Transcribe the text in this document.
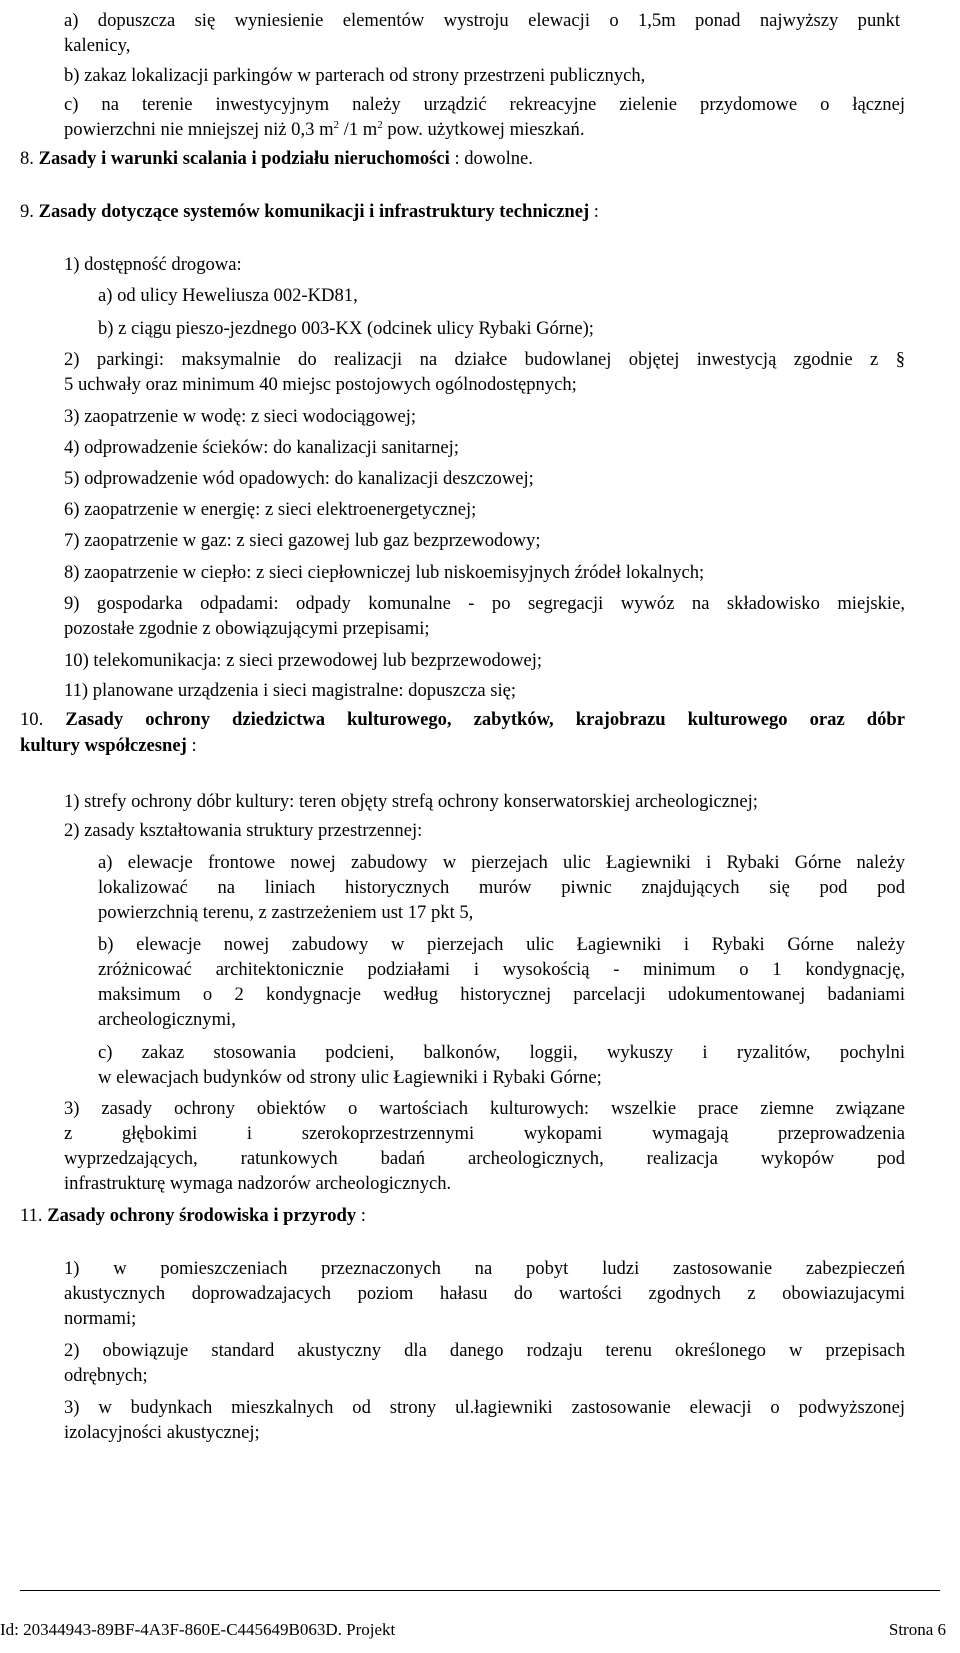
a) dopuszcza się wyniesienie elementów wystroju elewacji o 1,5m ponad najwyższy punkt

kalenicy,

b) zakaz lokalizacji parkingów w parterach od strony przestrzeni publicznych,

c) na terenie inwestycyjnym należy urządzić rekreacyjne zielenie przydomowe o łącznej

powierzchni nie mniejszej niż 0,3 $m^2$ /1 $m^2$ pow. użytkowej mieszkań.

8. Zasady i warunki scalania i podziału nieruchomości : dowolne.

9. Zasady dotyczące systemów komunikacji i infrastruktury technicznej :

1) dostępność drogowa:

a) od ulicy Heweliusza 002-KD81,

b) z ciągu pieszo-jezdnego 003-KX (odcinek ulicy Rybaki Górne);

2) parkingi: maksymalnie do realizacji na działce budowlanej objętej inwestycją zgodnie z §

5 uchwały oraz minimum 40 miejsc postojowych ogólnodostępnych;

3) zaopatrzenie w wodę: z sieci wodociągowej;

4) odprowadzenie ścieków: do kanalizacji sanitarnej;

5) odprowadzenie wód opadowych: do kanalizacji deszczowej;

6) zaopatrzenie w energię: z sieci elektroenergetycznej;

7) zaopatrzenie w gaz: z sieci gazowej lub gaz bezprzewodowy;

8) zaopatrzenie w ciepło: z sieci ciepłowniczej lub niskoemisyjnych źródeł lokalnych;

9) gospodarka odpadami: odpady komunalne - po segregacji wywóz na składowisko miejskie,

pozostałe zgodnie z obowiązującymi przepisami;

10) telekomunikacja: z sieci przewodowej lub bezprzewodowej;

11) planowane urządzenia i sieci magistralne: dopuszcza się;

10. Zasady ochrony dziedzictwa kulturowego, zabytków, krajobrazu kulturowego oraz dóbr

kultury współczesnej :

1) strefy ochrony dóbr kultury: teren objęty strefą ochrony konserwatorskiej archeologicznej;

2) zasady kształtowania struktury przestrzennej:

a) elewacje frontowe nowej zabudowy w pierzejach ulic Łagiewniki i Rybaki Górne należy

lokalizować na liniach historycznych murów piwnic znajdujących się pod pod

powierzchnią terenu, z zastrzeżeniem ust 17 pkt 5,

b) elewacje nowej zabudowy w pierzejach ulic Łagiewniki i Rybaki Górne należy

zróżnicować architektonicznie podziałami i wysokością - minimum o 1 kondygnację,

maksimum o 2 kondygnacje według historycznej parcelacji udokumentowanej badaniami

archeologicznymi,

c) zakaz stosowania podcieni, balkonów, loggii, wykuszy i ryzalitów, pochylni

w elewacjach budynków od strony ulic Łagiewniki i Rybaki Górne;

3) zasady ochrony obiektów o wartościach kulturowych: wszelkie prace ziemne związane

z głębokimi i szerokoprzestrzennymi wykopami wymagają przeprowadzenia

wyprzedzających, ratunkowych badań archeologicznych, realizacja wykopów pod

infrastrukturę wymaga nadzorów archeologicznych.

11. Zasady ochrony środowiska i przyrody :

1) w pomieszczeniach przeznaczonych na pobyt ludzi zastosowanie zabezpieczeń

akustycznych doprowadzajacych poziom hałasu do wartości zgodnych z obowiazujacymi

normami;

2) obowiązuje standard akustyczny dla danego rodzaju terenu określonego w przepisach

odrębnych;

3) w budynkach mieszkalnych od strony ul.łagiewniki zastosowanie elewacji o podwyższonej

izolacyjności akustycznej;

Id: 20344943-89BF-4A3F-860E-C445649B063D. Projekt	Strona 6
